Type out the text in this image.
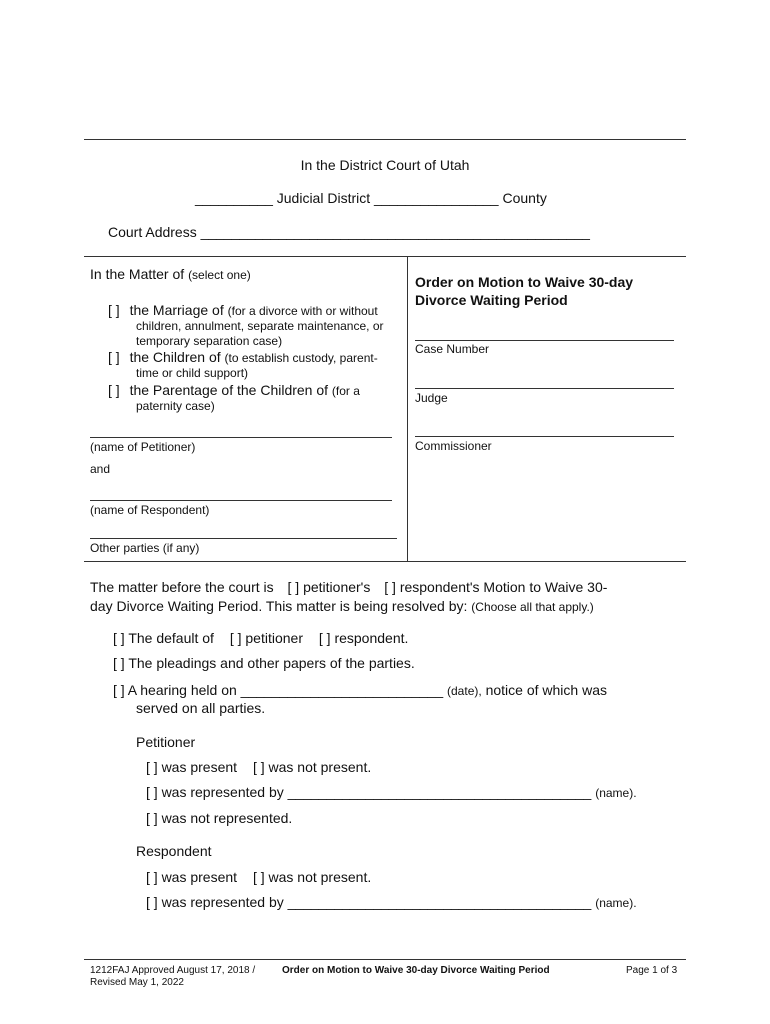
In the District Court of Utah
__________ Judicial District ________________ County
Court Address __________________________________________________
In the Matter of (select one)
[ ] the Marriage of (for a divorce with or without
children, annulment, separate maintenance, or
temporary separation case)
[ ] the Children of (to establish custody, parent-
time or child support)
[ ] the Parentage of the Children of (for a
paternity case)
(name of Petitioner)
and
(name of Respondent)
Other parties (if any)
Order on Motion to Waive 30-day
Divorce Waiting Period
Case Number
Judge
Commissioner
The matter before the court is [ ] petitioner's [ ] respondent's Motion to Waive 30-
day Divorce Waiting Period. This matter is being resolved by: (Choose all that apply.)
[ ] The default of [ ] petitioner [ ] respondent.
[ ] The pleadings and other papers of the parties.
[ ] A hearing held on __________________________ (date), notice of which was
served on all parties.
Petitioner
[ ] was present [ ] was not present.
[ ] was represented by _______________________________________ (name).
[ ] was not represented.
Respondent
[ ] was present [ ] was not present.
[ ] was represented by _______________________________________ (name).
1212FAJ Approved August 17, 2018 /
Revised May 1, 2022
Order on Motion to Waive 30-day Divorce Waiting Period	Page 1 of 3
